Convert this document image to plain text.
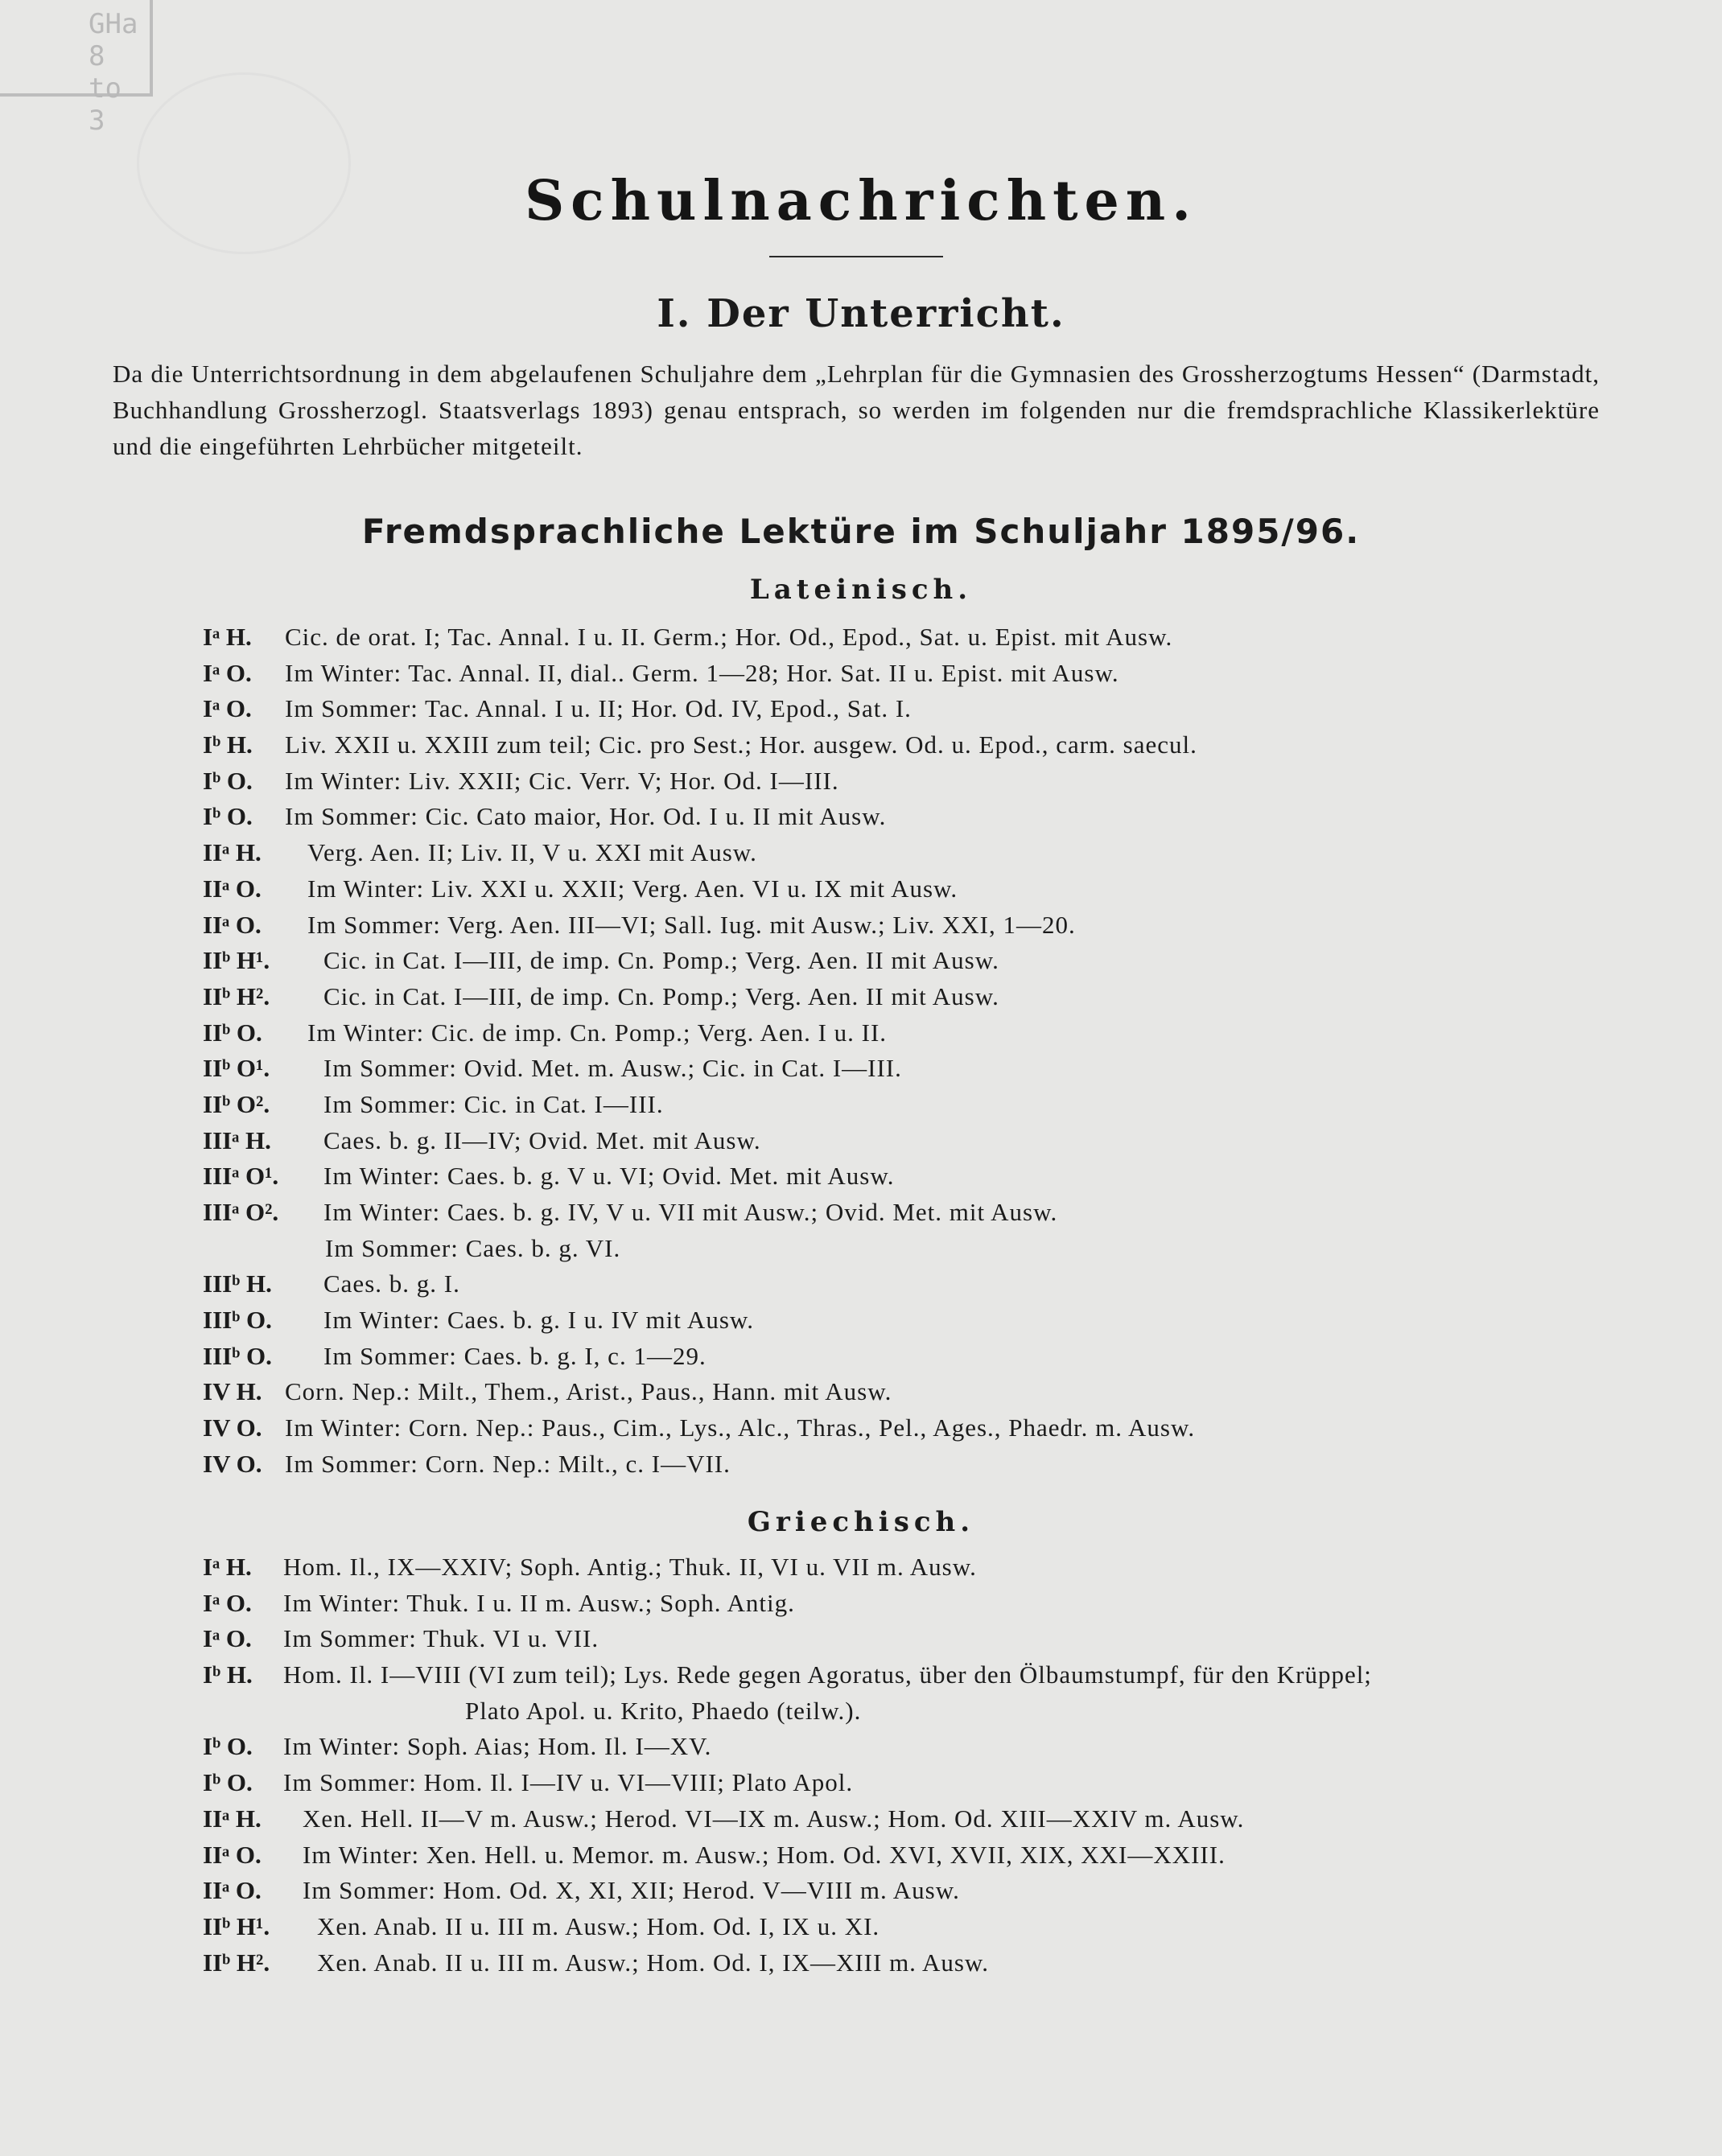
GHa 8 to 3
Schulnachrichten.
I. Der Unterricht.
Da die Unterrichtsordnung in dem abgelaufenen Schuljahre dem „Lehrplan für die Gymnasien des Grossherzogtums Hessen“ (Darmstadt, Buchhandlung Grossherzogl. Staatsverlags 1893) genau entsprach, so werden im folgenden nur die fremdsprachliche Klassikerlektüre und die eingeführten Lehrbücher mitgeteilt.
Fremdsprachliche Lektüre im Schuljahr 1895/96.
Lateinisch.
Iᵃ H. Cic. de orat. I; Tac. Annal. I u. II. Germ.; Hor. Od., Epod., Sat. u. Epist. mit Ausw.
Iᵃ O. Im Winter: Tac. Annal. II, dial.. Germ. 1—28; Hor. Sat. II u. Epist. mit Ausw.
Iᵃ O. Im Sommer: Tac. Annal. I u. II; Hor. Od. IV, Epod., Sat. I.
Iᵇ H. Liv. XXII u. XXIII zum teil; Cic. pro Sest.; Hor. ausgew. Od. u. Epod., carm. saecul.
Iᵇ O. Im Winter: Liv. XXII; Cic. Verr. V; Hor. Od. I—III.
Iᵇ O. Im Sommer: Cic. Cato maior, Hor. Od. I u. II mit Ausw.
IIᵃ H. Verg. Aen. II; Liv. II, V u. XXI mit Ausw.
IIᵃ O. Im Winter: Liv. XXI u. XXII; Verg. Aen. VI u. IX mit Ausw.
IIᵃ O. Im Sommer: Verg. Aen. III—VI; Sall. Iug. mit Ausw.; Liv. XXI, 1—20.
IIᵇ H¹. Cic. in Cat. I—III, de imp. Cn. Pomp.; Verg. Aen. II mit Ausw.
IIᵇ H². Cic. in Cat. I—III, de imp. Cn. Pomp.; Verg. Aen. II mit Ausw.
IIᵇ O. Im Winter: Cic. de imp. Cn. Pomp.; Verg. Aen. I u. II.
IIᵇ O¹. Im Sommer: Ovid. Met. m. Ausw.; Cic. in Cat. I—III.
IIᵇ O². Im Sommer: Cic. in Cat. I—III.
IIIᵃ H. Caes. b. g. II—IV; Ovid. Met. mit Ausw.
IIIᵃ O¹. Im Winter: Caes. b. g. V u. VI; Ovid. Met. mit Ausw.
IIIᵃ O². Im Winter: Caes. b. g. IV, V u. VII mit Ausw.; Ovid. Met. mit Ausw.
Im Sommer: Caes. b. g. VI.
IIIᵇ H. Caes. b. g. I.
IIIᵇ O. Im Winter: Caes. b. g. I u. IV mit Ausw.
IIIᵇ O. Im Sommer: Caes. b. g. I, c. 1—29.
IV H. Corn. Nep.: Milt., Them., Arist., Paus., Hann. mit Ausw.
IV O. Im Winter: Corn. Nep.: Paus., Cim., Lys., Alc., Thras., Pel., Ages., Phaedr. m. Ausw.
IV O. Im Sommer: Corn. Nep.: Milt., c. I—VII.
Griechisch.
Iᵃ H. Hom. Il., IX—XXIV; Soph. Antig.; Thuk. II, VI u. VII m. Ausw.
Iᵃ O. Im Winter: Thuk. I u. II m. Ausw.; Soph. Antig.
Iᵃ O. Im Sommer: Thuk. VI u. VII.
Iᵇ H. Hom. Il. I—VIII (VI zum teil); Lys. Rede gegen Agoratus, über den Ölbaumstumpf, für den Krüppel;
Plato Apol. u. Krito, Phaedo (teilw.).
Iᵇ O. Im Winter: Soph. Aias; Hom. Il. I—XV.
Iᵇ O. Im Sommer: Hom. Il. I—IV u. VI—VIII; Plato Apol.
IIᵃ H. Xen. Hell. II—V m. Ausw.; Herod. VI—IX m. Ausw.; Hom. Od. XIII—XXIV m. Ausw.
IIᵃ O. Im Winter: Xen. Hell. u. Memor. m. Ausw.; Hom. Od. XVI, XVII, XIX, XXI—XXIII.
IIᵃ O. Im Sommer: Hom. Od. X, XI, XII; Herod. V—VIII m. Ausw.
IIᵇ H¹. Xen. Anab. II u. III m. Ausw.; Hom. Od. I, IX u. XI.
IIᵇ H². Xen. Anab. II u. III m. Ausw.; Hom. Od. I, IX—XIII m. Ausw.
